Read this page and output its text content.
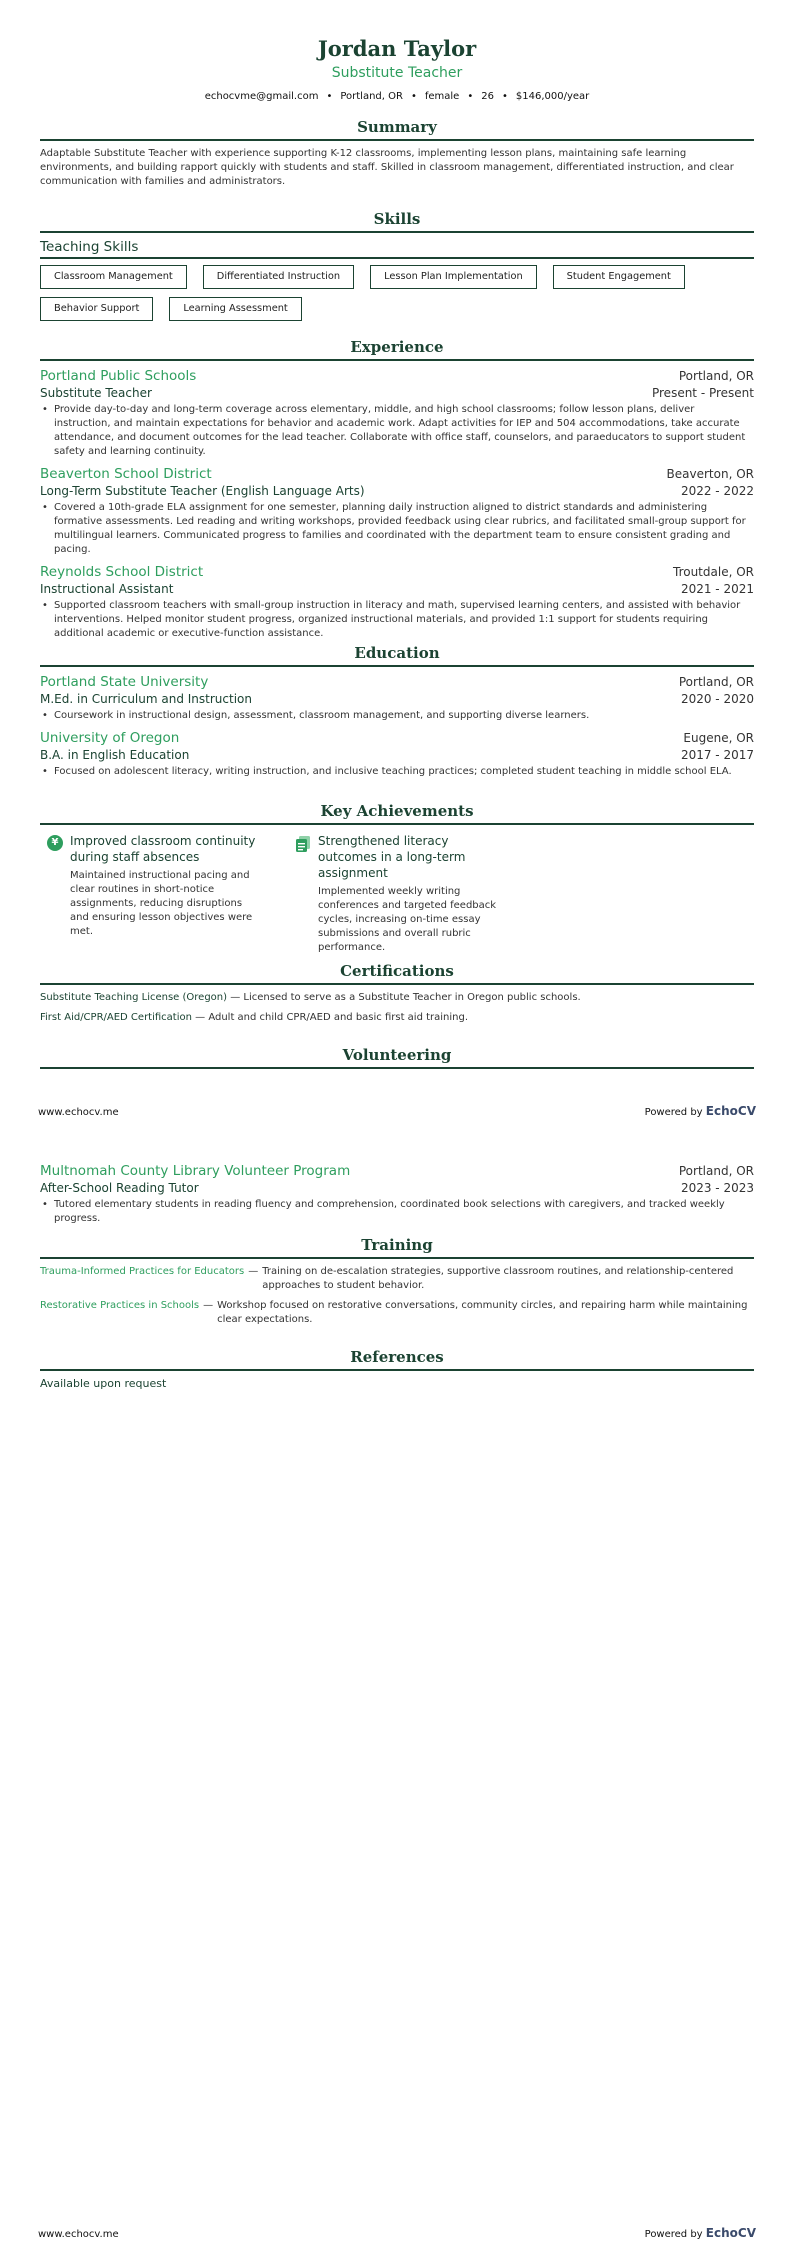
Jordan Taylor
Substitute Teacher
echocvme@gmail.com • Portland, OR • female • 26 • $146,000/year
Summary
Adaptable Substitute Teacher with experience supporting K-12 classrooms, implementing lesson plans, maintaining safe learning environments, and building rapport quickly with students and staff. Skilled in classroom management, differentiated instruction, and clear communication with families and administrators.
Skills
Teaching Skills
Classroom Management	Differentiated Instruction	Lesson Plan Implementation	Student Engagement
Behavior Support	Learning Assessment
Experience
Portland Public Schools	Portland, OR
Substitute Teacher	Present - Present
• Provide day-to-day and long-term coverage across elementary, middle, and high school classrooms; follow lesson plans, deliver instruction, and maintain expectations for behavior and academic work. Adapt activities for IEP and 504 accommodations, take accurate attendance, and document outcomes for the lead teacher. Collaborate with office staff, counselors, and paraeducators to support student safety and learning continuity.
Beaverton School District	Beaverton, OR
Long-Term Substitute Teacher (English Language Arts)	2022 - 2022
• Covered a 10th-grade ELA assignment for one semester, planning daily instruction aligned to district standards and administering formative assessments. Led reading and writing workshops, provided feedback using clear rubrics, and facilitated small-group support for multilingual learners. Communicated progress to families and coordinated with the department team to ensure consistent grading and pacing.
Reynolds School District	Troutdale, OR
Instructional Assistant	2021 - 2021
• Supported classroom teachers with small-group instruction in literacy and math, supervised learning centers, and assisted with behavior interventions. Helped monitor student progress, organized instructional materials, and provided 1:1 support for students requiring additional academic or executive-function assistance.
Education
Portland State University	Portland, OR
M.Ed. in Curriculum and Instruction	2020 - 2020
• Coursework in instructional design, assessment, classroom management, and supporting diverse learners.
University of Oregon	Eugene, OR
B.A. in English Education	2017 - 2017
• Focused on adolescent literacy, writing instruction, and inclusive teaching practices; completed student teaching in middle school ELA.
Key Achievements
¥ Improved classroom continuity during staff absences
Maintained instructional pacing and clear routines in short-notice assignments, reducing disruptions and ensuring lesson objectives were met.
Strengthened literacy outcomes in a long-term assignment
Implemented weekly writing conferences and targeted feedback cycles, increasing on-time essay submissions and overall rubric performance.
Certifications
Substitute Teaching License (Oregon) — Licensed to serve as a Substitute Teacher in Oregon public schools.
First Aid/CPR/AED Certification — Adult and child CPR/AED and basic first aid training.
Volunteering
www.echocv.me	Powered by EchoCV
Multnomah County Library Volunteer Program	Portland, OR
After-School Reading Tutor	2023 - 2023
• Tutored elementary students in reading fluency and comprehension, coordinated book selections with caregivers, and tracked weekly progress.
Training
Trauma-Informed Practices for Educators — Training on de-escalation strategies, supportive classroom routines, and relationship-centered approaches to student behavior.
Restorative Practices in Schools — Workshop focused on restorative conversations, community circles, and repairing harm while maintaining clear expectations.
References
Available upon request
www.echocv.me	Powered by EchoCV
